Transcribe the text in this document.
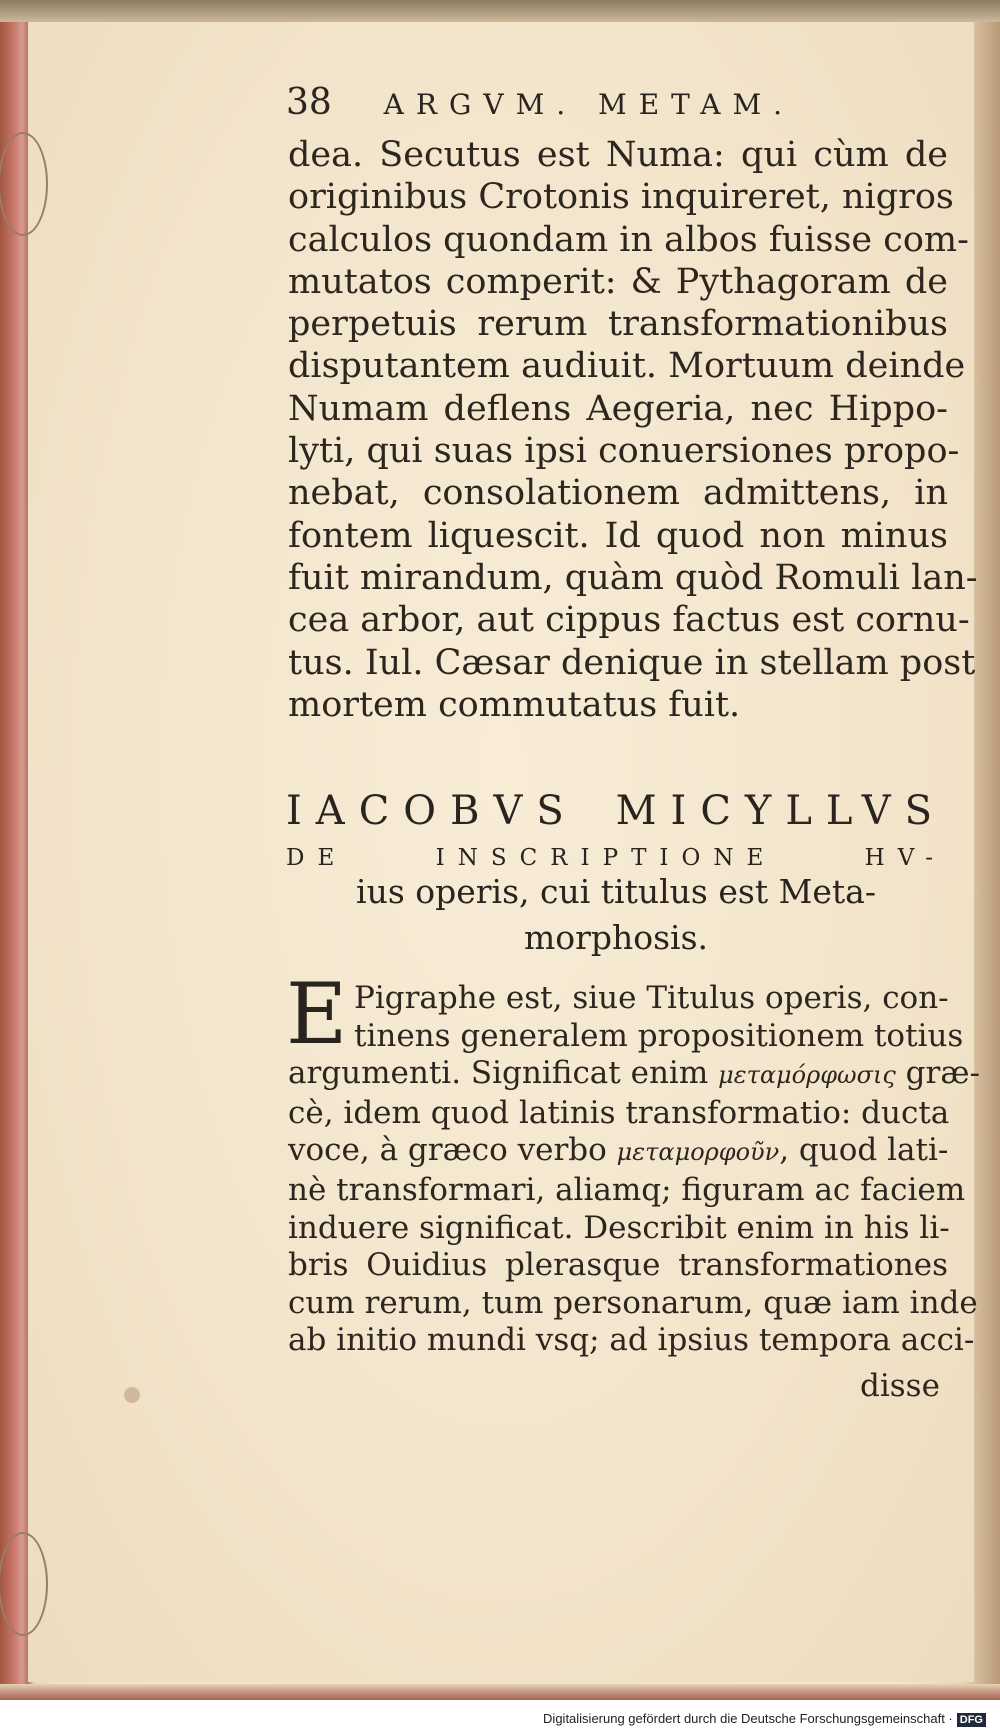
38 ARGVM. METAM.
dea. Secutus est Numa: qui cùm de
originibus Crotonis inquireret, nigros
calculos quondam in albos fuisse com-
mutatos comperit: & Pythagoram de
perpetuis rerum transformationibus
disputantem audiuit. Mortuum deinde
Numam deflens Aegeria, nec Hippo-
lyti, qui suas ipsi conuersiones propo-
nebat, consolationem admittens, in
fontem liquescit. Id quod non minus
fuit mirandum, quàm quòd Romuli lan-
cea arbor, aut cippus factus est cornu-
tus. Iul. Cæsar denique in stellam post
mortem commutatus fuit.
IACOBVS MICYLLVS
DE INSCRIPTIONE HV-
ius operis, cui titulus est Meta-
morphosis.
E Pigraphe est, siue Titulus operis, con-
tinens generalem propositionem totius
argumenti. Significat enim μεταμόρφωσις græ-
cè, idem quod latinis transformatio: ducta
voce, à græco verbo μεταμορφοῦν, quod lati-
nè transformari, aliamq; figuram ac faciem
induere significat. Describit enim in his li-
bris Ouidius plerasque transformationes
cum rerum, tum personarum, quæ iam inde
ab initio mundi vsq; ad ipsius tempora acci-
disse
Digitalisierung gefördert durch die Deutsche Forschungsgemeinschaft · DFG
